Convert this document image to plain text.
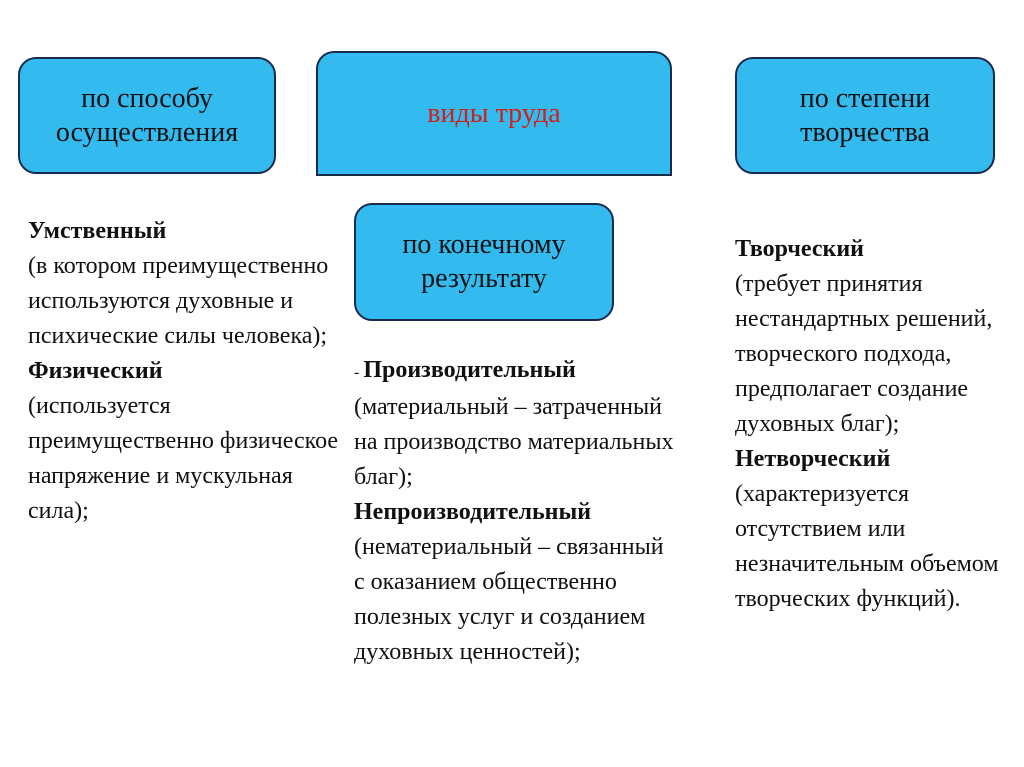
по способу осуществления
виды труда	по степени творчества
по конечному результату
Умственный
(в котором преимущественно используются духовные и психические силы человека);
Физический
(используется преимущественно физическое напряжение и мускульная сила);
- Производительный
(материальный – затраченный на производство материальных благ);
Непроизводительный
(нематериальный – связанный с оказанием общественно полезных услуг и созданием духовных ценностей);
Творческий
(требует принятия нестандартных решений, творческого подхода, предполагает создание духовных благ);
Нетворческий
(характеризуется отсутствием или незначительным объемом творческих функций).
